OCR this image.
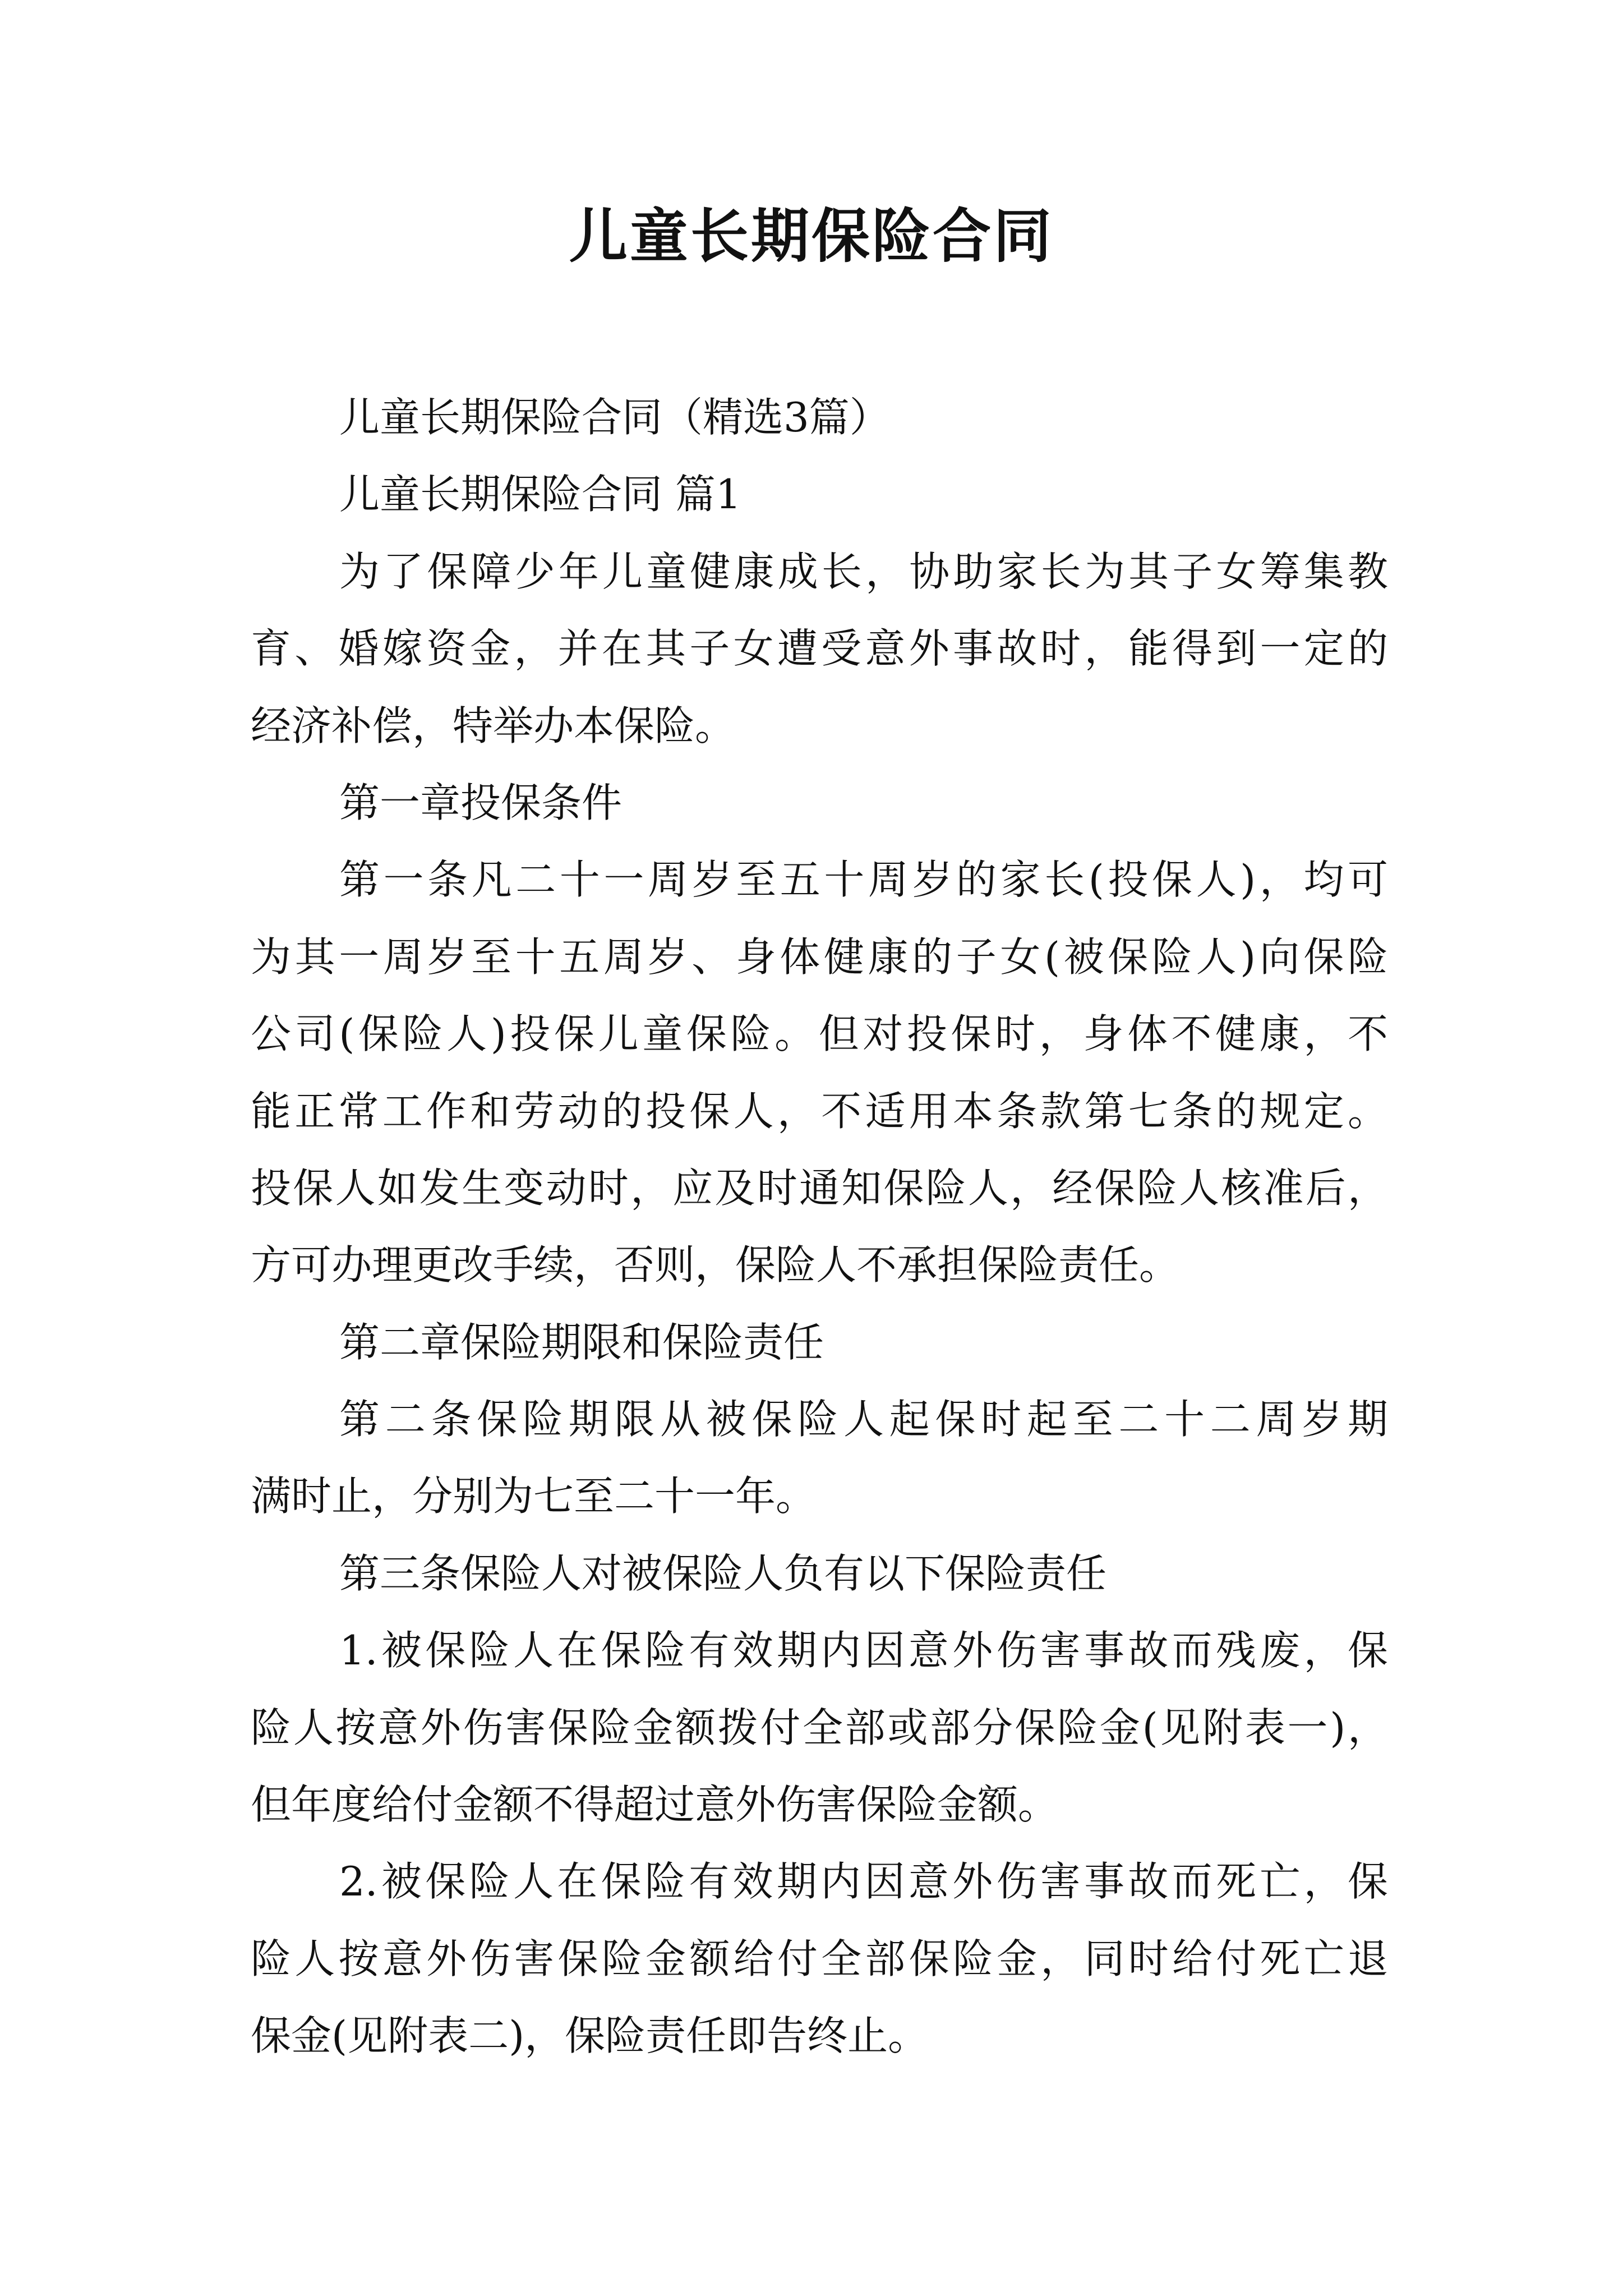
儿童长期保险合同
儿童长期保险合同（精选3篇）
儿童长期保险合同 篇1
为了保障少年儿童健康成长，协助家长为其子女筹集教
育、婚嫁资金，并在其子女遭受意外事故时，能得到一定的
经济补偿，特举办本保险。
第一章投保条件
第一条凡二十一周岁至五十周岁的家长(投保人)，均可
为其一周岁至十五周岁、身体健康的子女(被保险人)向保险
公司(保险人)投保儿童保险。但对投保时，身体不健康，不
能正常工作和劳动的投保人，不适用本条款第七条的规定。
投保人如发生变动时，应及时通知保险人，经保险人核准后，
方可办理更改手续，否则，保险人不承担保险责任。
第二章保险期限和保险责任
第二条保险期限从被保险人起保时起至二十二周岁期
满时止，分别为七至二十一年。
第三条保险人对被保险人负有以下保险责任
1.被保险人在保险有效期内因意外伤害事故而残废，保
险人按意外伤害保险金额拨付全部或部分保险金(见附表一)，
但年度给付金额不得超过意外伤害保险金额。
2.被保险人在保险有效期内因意外伤害事故而死亡，保
险人按意外伤害保险金额给付全部保险金，同时给付死亡退
保金(见附表二)，保险责任即告终止。
